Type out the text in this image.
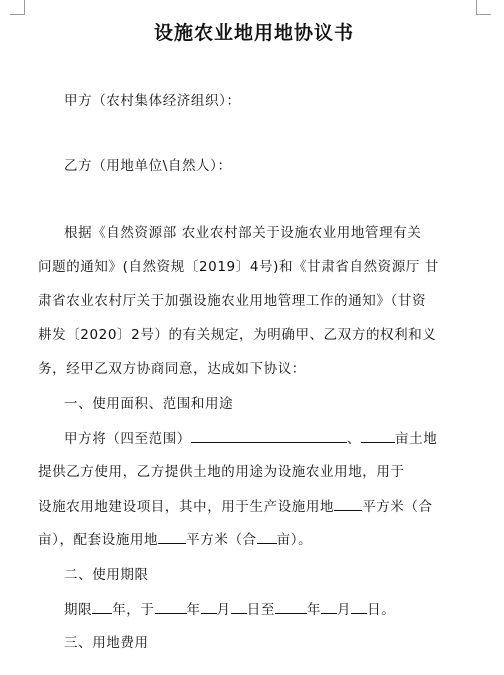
设施农业地用地协议书
甲方（农村集体经济组织）：
乙方（用地单位\自然人）：
根据《自然资源部 农业农村部关于设施农业用地管理有关
问题的通知》(自然资规〔2019〕4号)和《甘肃省自然资源厅 甘
肃省农业农村厅关于加强设施农业用地管理工作的通知》（甘资
耕发〔2020〕2号）的有关规定，为明确甲、乙双方的权利和义
务，经甲乙双方协商同意，达成如下协议：
一、使用面积、范围和用途
甲方将（四至范围）	、	亩土地
提供乙方使用，乙方提供土地的用途为设施农业用地，用于
设施农用地建设项目，其中，用于生产设施用地 平方米（合
亩），配套设施用地 平方米（合 亩）。
二、使用期限
期限 年，于 年 月 日至 年 月 日。
三、用地费用
